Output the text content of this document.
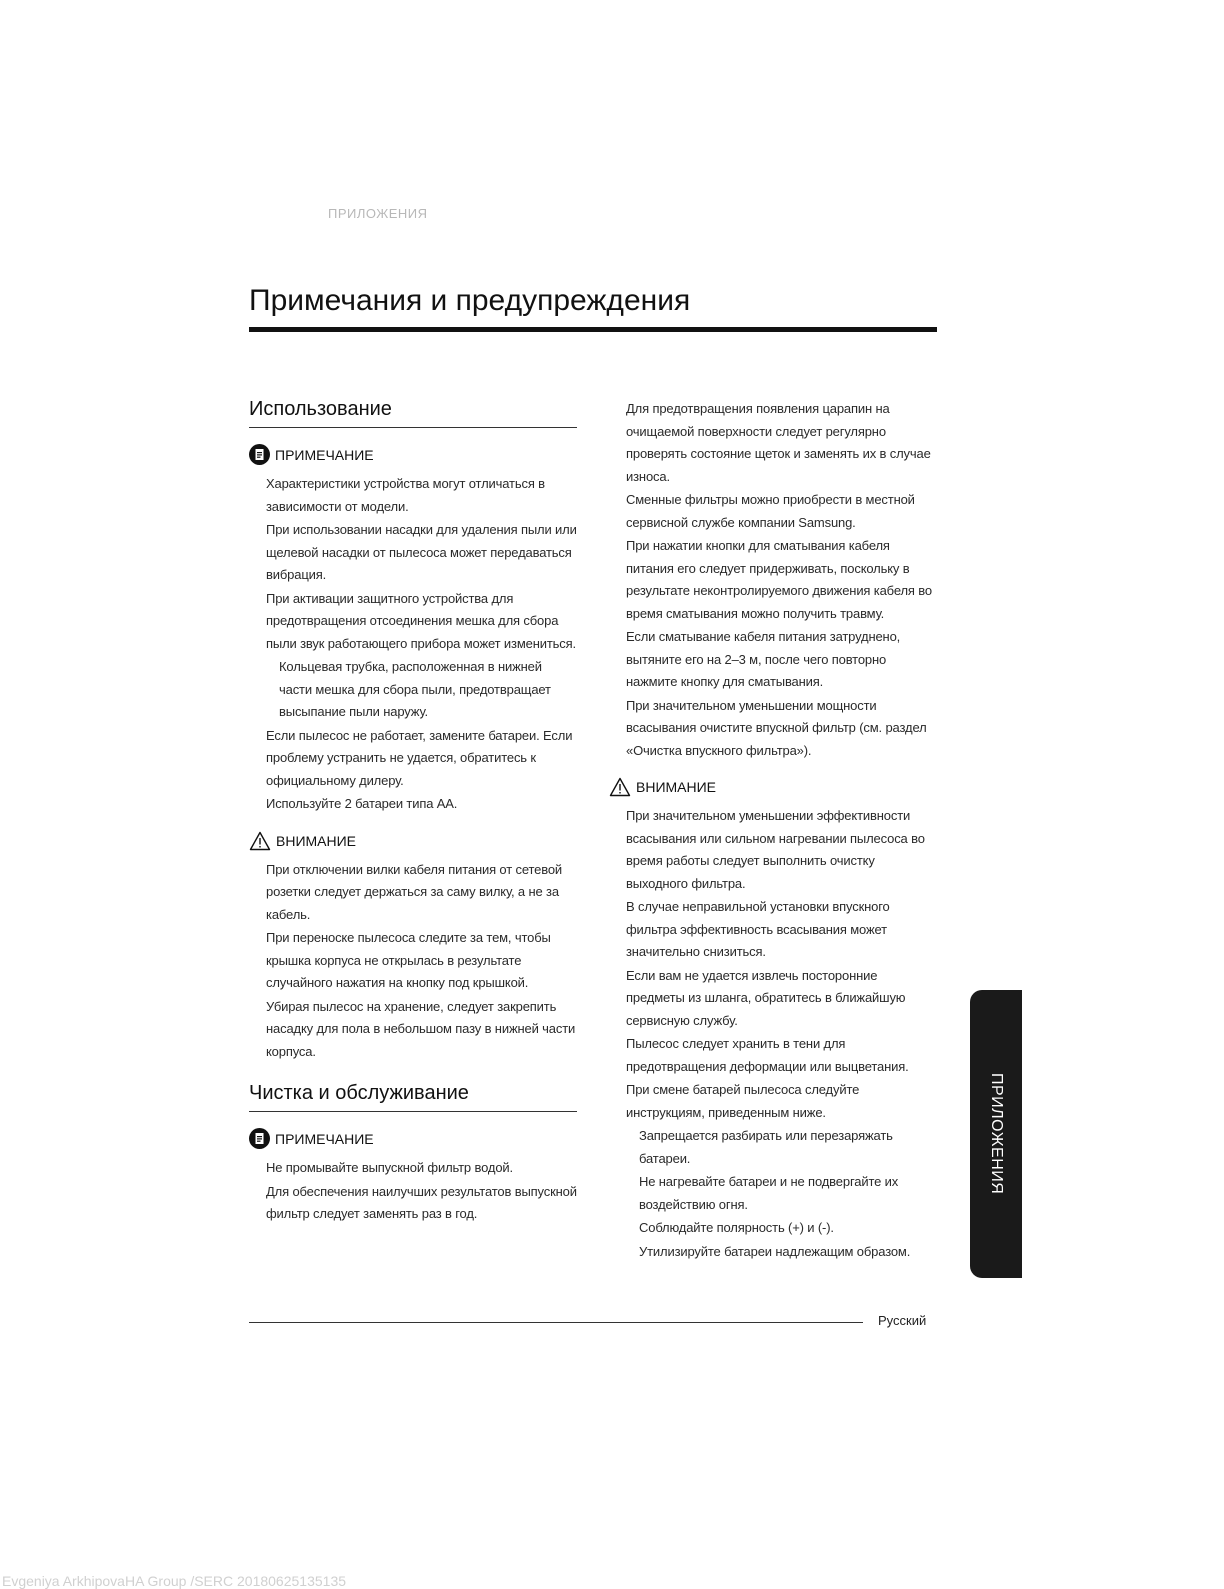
ПРИЛОЖЕНИЯ
Примечания и предупреждения
Использование
ПРИМЕЧАНИЕ

Характеристики устройства могут отличаться в зависимости от модели.

При использовании насадки для удаления пыли или щелевой насадки от пылесоса может передаваться вибрация.

При активации защитного устройства для предотвращения отсоединения мешка для сбора пыли звук работающего прибора может измениться.

Кольцевая трубка, расположенная в нижней части мешка для сбора пыли, предотвращает высыпание пыли наружу.

Если пылесос не работает, замените батареи. Если проблему устранить не удается, обратитесь к официальному дилеру.

Используйте 2 батареи типа AA.

ВНИМАНИЕ

При отключении вилки кабеля питания от сетевой розетки следует держаться за саму вилку, а не за кабель.

При переноске пылесоса следите за тем, чтобы крышка корпуса не открылась в результате случайного нажатия на кнопку под крышкой.

Убирая пылесос на хранение, следует закрепить насадку для пола в небольшом пазу в нижней части корпуса.

Чистка и обслуживание
ПРИМЕЧАНИЕ

Не промывайте выпускной фильтр водой.

Для обеспечения наилучших результатов выпускной фильтр следует заменять раз в год.

Для предотвращения появления царапин на очищаемой поверхности следует регулярно проверять состояние щеток и заменять их в случае износа.

Сменные фильтры можно приобрести в местной сервисной службе компании Samsung.

При нажатии кнопки для сматывания кабеля питания его следует придерживать, поскольку в результате неконтролируемого движения кабеля во время сматывания можно получить травму.

Если сматывание кабеля питания затруднено, вытяните его на 2–3 м, после чего повторно нажмите кнопку для сматывания.

При значительном уменьшении мощности всасывания очистите впускной фильтр (см. раздел «Очистка впускного фильтра»).

ВНИМАНИЕ

При значительном уменьшении эффективности всасывания или сильном нагревании пылесоса во время работы следует выполнить очистку выходного фильтра.

В случае неправильной установки впускного фильтра эффективность всасывания может значительно снизиться.

Если вам не удается извлечь посторонние предметы из шланга, обратитесь в ближайшую сервисную службу.

Пылесос следует хранить в тени для предотвращения деформации или выцветания.

При смене батарей пылесоса следуйте инструкциям, приведенным ниже.

Запрещается разбирать или перезаряжать батареи.

Не нагревайте батареи и не подвергайте их воздействию огня.

Соблюдайте полярность (+) и (-).

Утилизируйте батареи надлежащим образом.

ПРИЛОЖЕНИЯ
Русский
Evgeniya ArkhipovaHA Group /SERC 20180625135135
